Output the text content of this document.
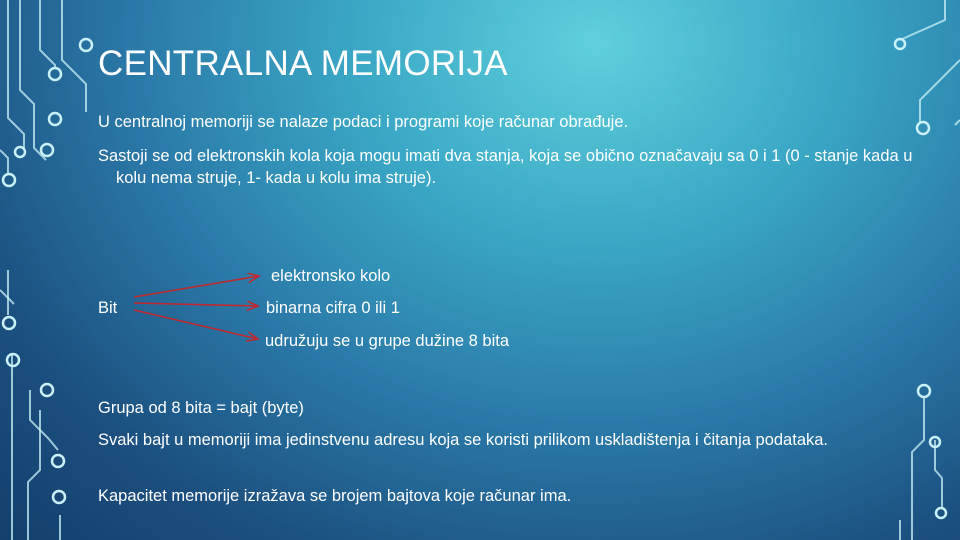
CENTRALNA MEMORIJA

U centralnoj memoriji se nalaze podaci i programi koje računar obrađuje.

Sastoji se od elektronskih kola koja mogu imati dva stanja, koja se obično označavaju sa 0 i 1 (0 - stanje kada u kolu nema struje, 1- kada u kolu ima struje).

Bit
elektronsko kolo
binarna cifra 0 ili 1
udružuju se u grupe dužine 8 bita

Grupa od 8 bita = bajt (byte)

Svaki bajt u memoriji ima jedinstvenu adresu koja se koristi prilikom uskladištenja i čitanja podataka.

Kapacitet memorije izražava se brojem bajtova koje računar ima.
